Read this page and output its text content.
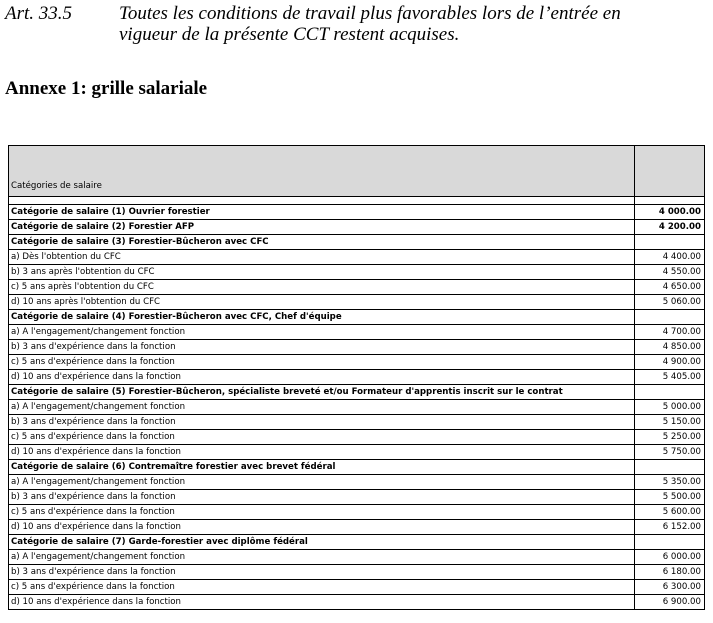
Art. 33.5 Toutes les conditions de travail plus favorables lors de l’entrée en
vigueur de la présente CCT restent acquises.
Annexe 1: grille salariale
Catégories de salaire	

Catégorie de salaire (1) Ouvrier forestier	4 000.00
Catégorie de salaire (2) Forestier AFP	4 200.00
Catégorie de salaire (3) Forestier-Bûcheron avec CFC	
a) Dès l'obtention du CFC	4 400.00
b) 3 ans après l'obtention du CFC	4 550.00
c) 5 ans après l'obtention du CFC	4 650.00
d) 10 ans après l'obtention du CFC	5 060.00
Catégorie de salaire (4) Forestier-Bûcheron avec CFC, Chef d'équipe	
a) A l'engagement/changement fonction	4 700.00
b) 3 ans d'expérience dans la fonction	4 850.00
c) 5 ans d'expérience dans la fonction	4 900.00
d) 10 ans d'expérience dans la fonction	5 405.00
Catégorie de salaire (5) Forestier-Bûcheron, spécialiste breveté et/ou Formateur d'apprentis inscrit sur le contrat	
a) A l'engagement/changement fonction	5 000.00
b) 3 ans d'expérience dans la fonction	5 150.00
c) 5 ans d'expérience dans la fonction	5 250.00
d) 10 ans d'expérience dans la fonction	5 750.00
Catégorie de salaire (6) Contremaître forestier avec brevet fédéral	
a) A l'engagement/changement fonction	5 350.00
b) 3 ans d'expérience dans la fonction	5 500.00
c) 5 ans d'expérience dans la fonction	5 600.00
d) 10 ans d'expérience dans la fonction	6 152.00
Catégorie de salaire (7) Garde-forestier avec diplôme fédéral	
a) A l'engagement/changement fonction	6 000.00
b) 3 ans d'expérience dans la fonction	6 180.00
c) 5 ans d'expérience dans la fonction	6 300.00
d) 10 ans d'expérience dans la fonction	6 900.00
